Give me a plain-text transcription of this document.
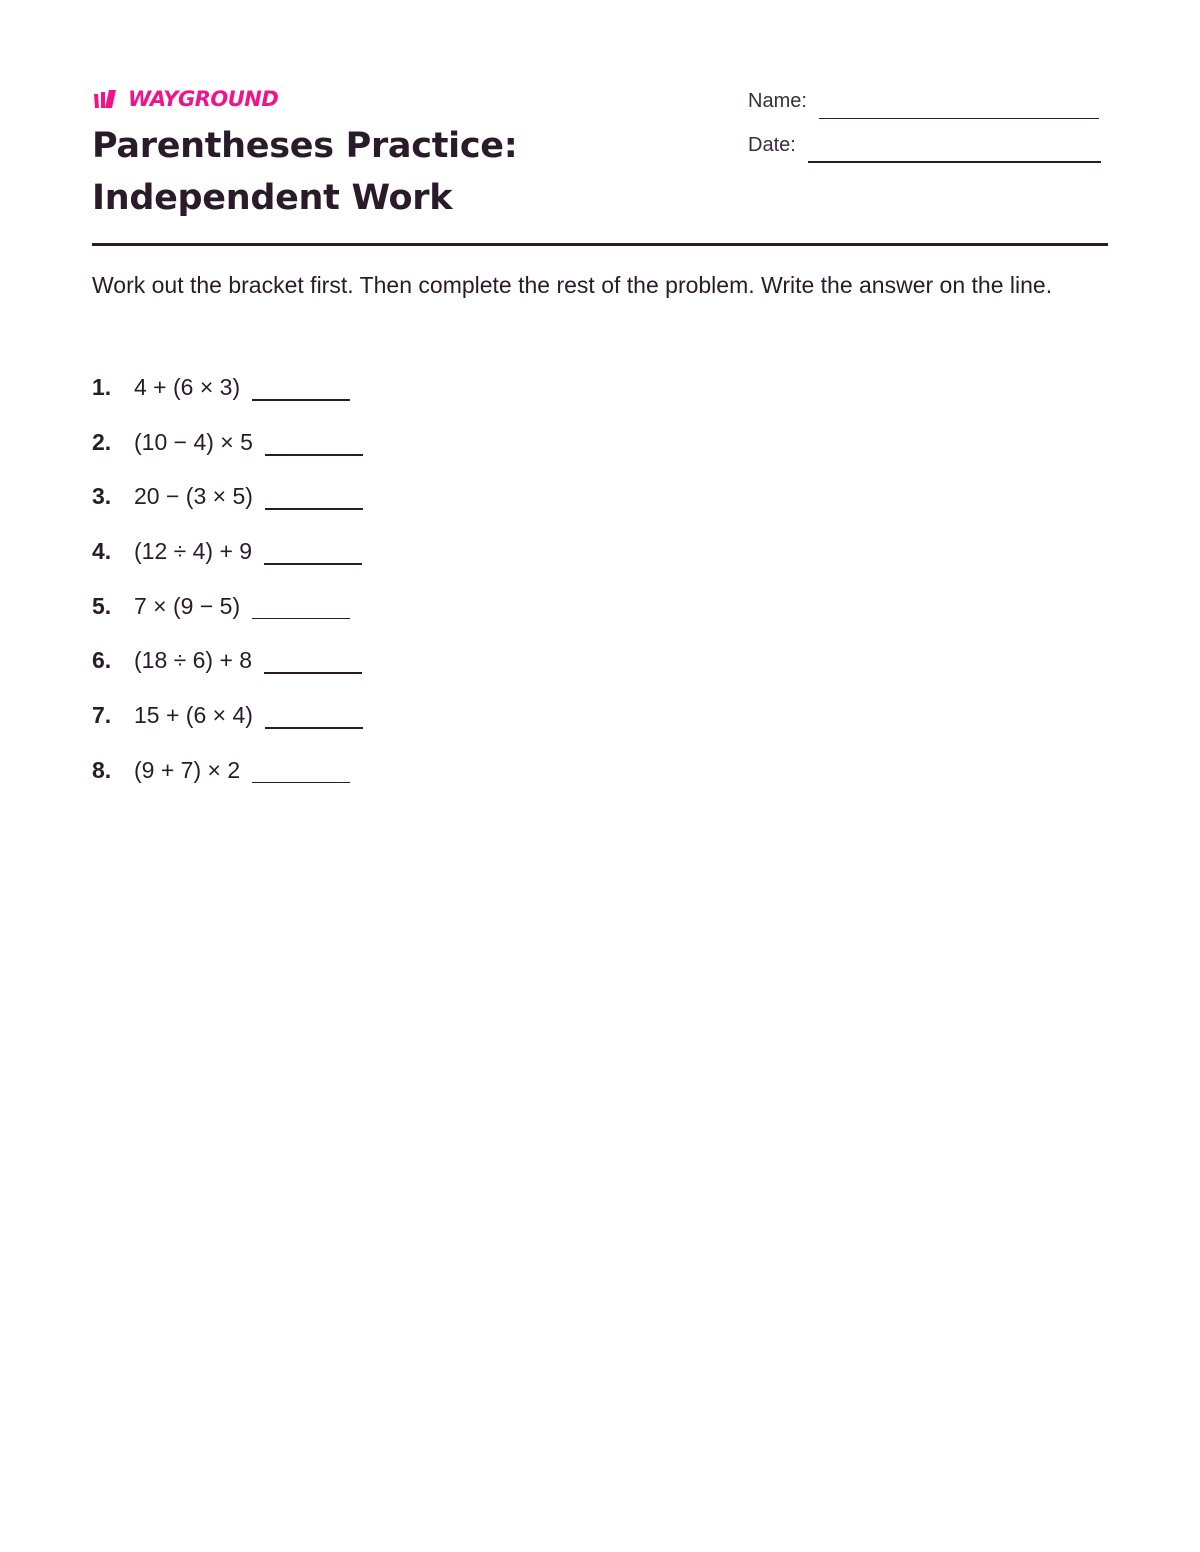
WAYGROUND
Parentheses Practice: Independent Work
Name:
Date:

Work out the bracket first. Then complete the rest of the problem. Write the answer on the line.

1. 4 + (6 × 3)
2. (10 − 4) × 5
3. 20 − (3 × 5)
4. (12 ÷ 4) + 9
5. 7 × (9 − 5)
6. (18 ÷ 6) + 8
7. 15 + (6 × 4)
8. (9 + 7) × 2
